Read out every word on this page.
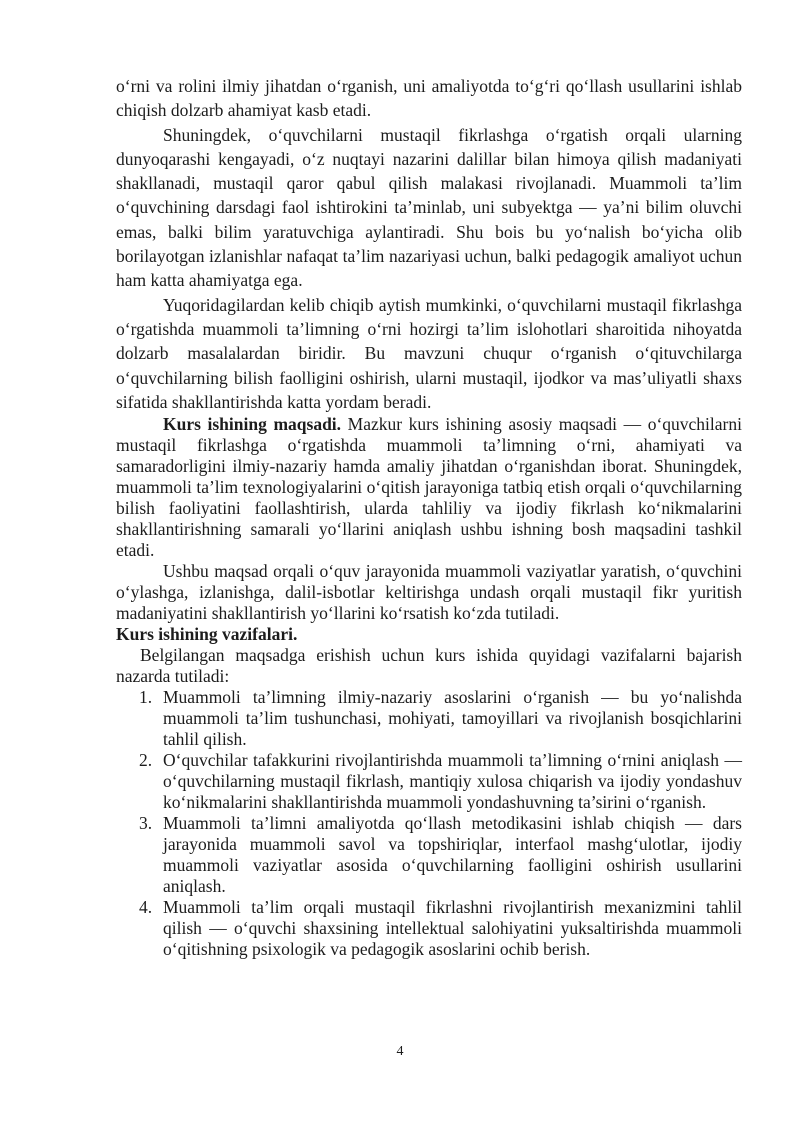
o‘rni va rolini ilmiy jihatdan o‘rganish, uni amaliyotda to‘g‘ri qo‘llash usullarini ishlab chiqish dolzarb ahamiyat kasb etadi.

Shuningdek, o‘quvchilarni mustaqil fikrlashga o‘rgatish orqali ularning dunyoqarashi kengayadi, o‘z nuqtayi nazarini dalillar bilan himoya qilish madaniyati shakllanadi, mustaqil qaror qabul qilish malakasi rivojlanadi. Muammoli ta’lim o‘quvchining darsdagi faol ishtirokini ta’minlab, uni subyektga — ya’ni bilim oluvchi emas, balki bilim yaratuvchiga aylantiradi. Shu bois bu yo‘nalish bo‘yicha olib borilayotgan izlanishlar nafaqat ta’lim nazariyasi uchun, balki pedagogik amaliyot uchun ham katta ahamiyatga ega.

Yuqoridagilardan kelib chiqib aytish mumkinki, o‘quvchilarni mustaqil fikrlashga o‘rgatishda muammoli ta’limning o‘rni hozirgi ta’lim islohotlari sharoitida nihoyatda dolzarb masalalardan biridir. Bu mavzuni chuqur o‘rganish o‘qituvchilarga o‘quvchilarning bilish faolligini oshirish, ularni mustaqil, ijodkor va mas’uliyatli shaxs sifatida shakllantirishda katta yordam beradi.

Kurs ishining maqsadi. Mazkur kurs ishining asosiy maqsadi — o‘quvchilarni mustaqil fikrlashga o‘rgatishda muammoli ta’limning o‘rni, ahamiyati va samaradorligini ilmiy-nazariy hamda amaliy jihatdan o‘rganishdan iborat. Shuningdek, muammoli ta’lim texnologiyalarini o‘qitish jarayoniga tatbiq etish orqali o‘quvchilarning bilish faoliyatini faollashtirish, ularda tahliliy va ijodiy fikrlash ko‘nikmalarini shakllantirishning samarali yo‘llarini aniqlash ushbu ishning bosh maqsadini tashkil etadi.

Ushbu maqsad orqali o‘quv jarayonida muammoli vaziyatlar yaratish, o‘quvchini o‘ylashga, izlanishga, dalil-isbotlar keltirishga undash orqali mustaqil fikr yuritish madaniyatini shakllantirish yo‘llarini ko‘rsatish ko‘zda tutiladi.

Kurs ishining vazifalari.

Belgilangan maqsadga erishish uchun kurs ishida quyidagi vazifalarni bajarish nazarda tutiladi:

1. Muammoli ta’limning ilmiy-nazariy asoslarini o‘rganish — bu yo‘nalishda muammoli ta’lim tushunchasi, mohiyati, tamoyillari va rivojlanish bosqichlarini tahlil qilish.
2. O‘quvchilar tafakkurini rivojlantirishda muammoli ta’limning o‘rnini aniqlash — o‘quvchilarning mustaqil fikrlash, mantiqiy xulosa chiqarish va ijodiy yondashuv ko‘nikmalarini shakllantirishda muammoli yondashuvning ta’sirini o‘rganish.
3. Muammoli ta’limni amaliyotda qo‘llash metodikasini ishlab chiqish — dars jarayonida muammoli savol va topshiriqlar, interfaol mashg‘ulotlar, ijodiy muammoli vaziyatlar asosida o‘quvchilarning faolligini oshirish usullarini aniqlash.
4. Muammoli ta’lim orqali mustaqil fikrlashni rivojlantirish mexanizmini tahlil qilish — o‘quvchi shaxsining intellektual salohiyatini yuksaltirishda muammoli o‘qitishning psixologik va pedagogik asoslarini ochib berish.
4
